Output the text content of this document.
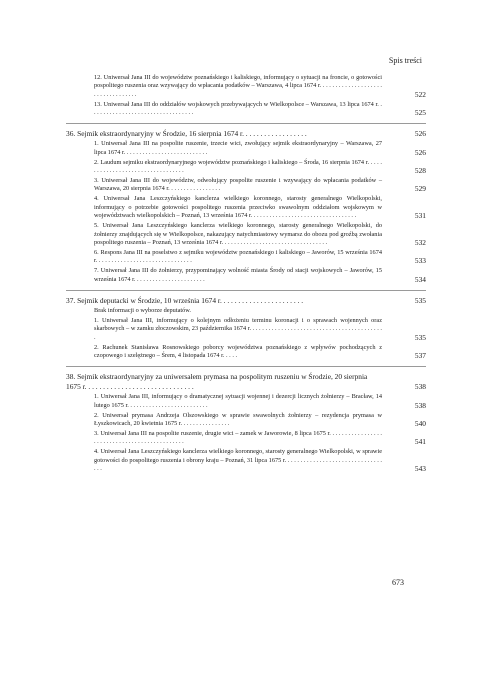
Spis treści
12. Uniwersał Jana III do województw poznańskiego i kaliskiego, informujący o sytuacji na froncie, o gotowości pospolitego ruszenia oraz wzywający do wpłacania podatków – Warszawa, 4 lipca 1674 r. . . . . . . . . . . . . . . . . . . . . . . . . . . . . . . . . .	522
13. Uniwersał Jana III do oddziałów wojskowych przebywających w Wielkopolsce – Warszawa, 13 lipca 1674 r. . . . . . . . . . . . . . . . . . . . . . . . . . . . . . . . . .	525
36. Sejmik ekstraordynaryjny w Środzie, 16 sierpnia 1674 r. . . . . . . . . . . . . . . . . .	526
1. Uniwersał Jana III na pospolite ruszenie, trzecie wici, zwołujący sejmik ekstraordynaryjny – Warszawa, 27 lipca 1674 r. . . . . . . . . . . . . . . . . . . . . . . . . . .	526
2. Laudum sejmiku ekstraordynaryjnego województw poznańskiego i kaliskiego – Środa, 16 sierpnia 1674 r. . . . . . . . . . . . . . . . . . . . . . . . . . . . . . . . . .	528
3. Uniwersał Jana III do województw, odwołujący pospolite ruszenie i wzywający do wpłacania podatków – Warszawa, 20 sierpnia 1674 r. . . . . . . . . . . . . . . . .	529
4. Uniwersał Jana Leszczyńskiego kanclerza wielkiego koronnego, starosty generalnego Wielkopolski, informujący o potrzebie gotowości pospolitego ruszenia przeciwko swawolnym oddziałom wojskowym w województwach wielkopolskich – Poznań, 13 września 1674 r. . . . . . . . . . . . . . . . . . . . . . . . . . . . . . . . . .	531
5. Uniwersał Jana Leszczyńskiego kanclerza wielkiego koronnego, starosty generalnego Wielkopolski, do żołnierzy znajdujących się w Wielkopolsce, nakazujący natychmiastowy wymarsz do obozu pod groźbą zwołania pospolitego ruszenia – Poznań, 13 września 1674 r. . . . . . . . . . . . . . . . . . . . . . . . . . . . . . . . . .	532
6. Respons Jana III na poselstwo z sejmiku województw poznańskiego i kaliskiego – Jaworów, 15 września 1674 r. . . . . . . . . . . . . . . . . . . . . . . . . . . . . . .	533
7. Uniwersał Jana III do żołnierzy, przypominający wolność miasta Środy od stacji wojskowych – Jaworów, 15 września 1674 r. . . . . . . . . . . . . . . . . . . . . . .	534
37. Sejmik deputacki w Środzie, 10 września 1674 r. . . . . . . . . . . . . . . . . . . . . . .	535
Brak informacji o wyborze deputatów.
1. Uniwersał Jana III, informujący o kolejnym odłożeniu terminu koronacji i o sprawach wojennych oraz skarbowych – w zamku złoczowskim, 23 października 1674 r. . . . . . . . . . . . . . . . . . . . . . . . . . . . . . . . . . . . . . . . . . .	535
2. Rachunek Stanisława Rosnowskiego poborcy województwa poznańskiego z wpływów pochodzących z czopowego i szelężnego – Śrem, 4 listopada 1674 r. . . . .	537
38. Sejmik ekstraordynaryjny za uniwersałem prymasa na pospolitym ruszeniu w Środzie, 20 sierpnia 1675 r. . . . . . . . . . . . . . . . . . . . . . . . . . . . . .	538
1. Uniwersał Jana III, informujący o dramatycznej sytuacji wojennej i dezercji licznych żołnierzy – Bracław, 14 lutego 1675 r. . . . . . . . . . . . . . . . . . . . . . . . . .	538
2. Uniwersał prymasa Andrzeja Olszowskiego w sprawie swawolnych żołnierzy – rezydencja prymasa w Łyszkowicach, 20 kwietnia 1675 r. . . . . . . . . . . . . . . .	540
3. Uniwersał Jana III na pospolite ruszenie, drugie wici – zamek w Jaworowie, 8 lipca 1675 r. . . . . . . . . . . . . . . . . . . . . . . . . . . . . . . . . . . . . . . . . . . . . .	541
4. Uniwersał Jana Leszczyńskiego kanclerza wielkiego koronnego, starosty generalnego Wielkopolski, w sprawie gotowości do pospolitego ruszenia i obrony kraju – Poznań, 31 lipca 1675 r. . . . . . . . . . . . . . . . . . . . . . . . . . . . . . . . . .	543
673
